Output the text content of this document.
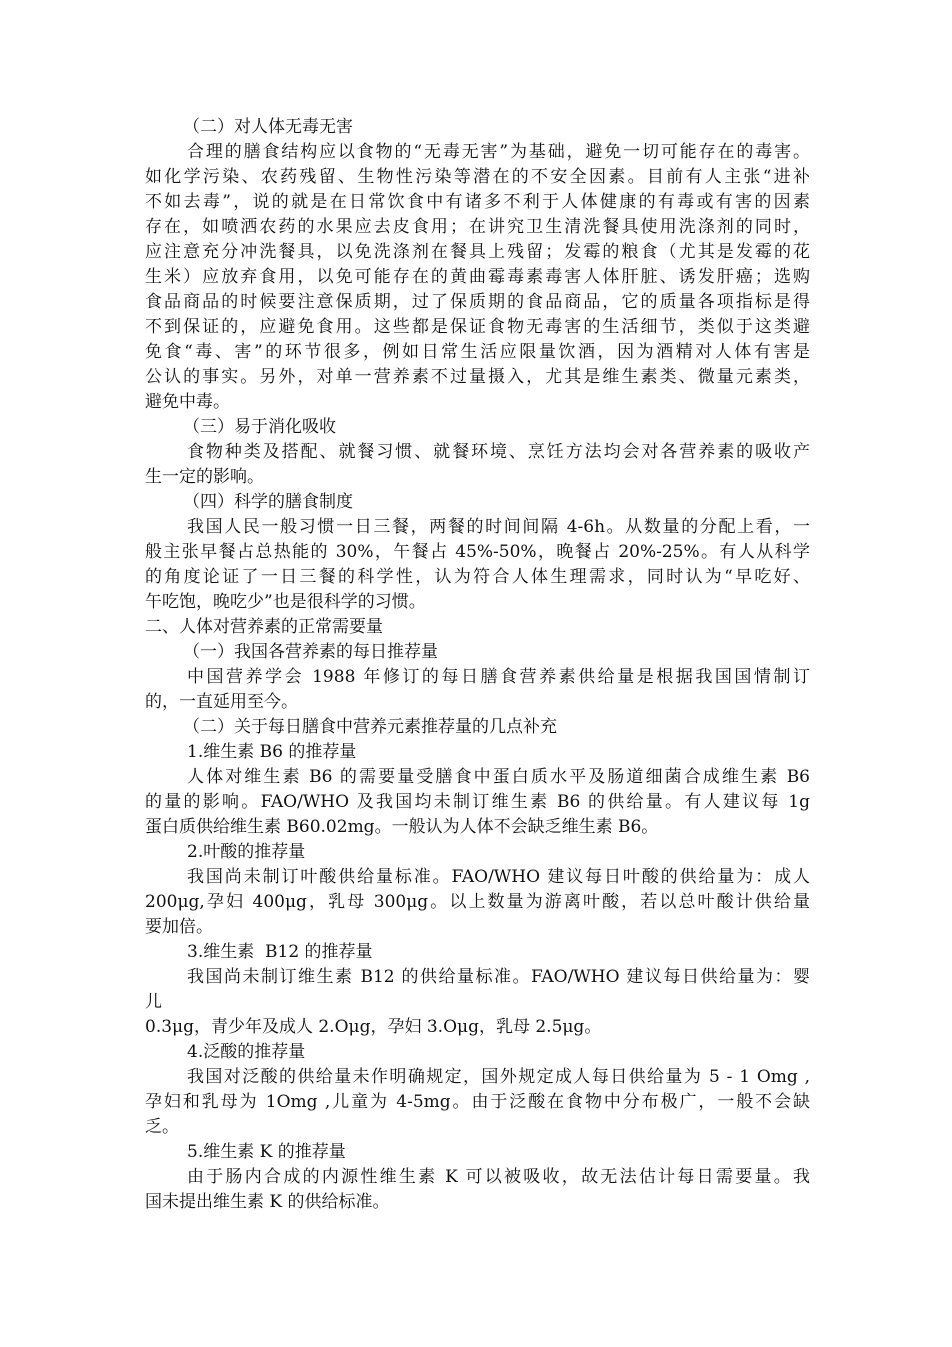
（二）对人体无毒无害
合理的膳食结构应以食物的“无毒无害”为基础，避免一切可能存在的毒害。
如化学污染、农药残留、生物性污染等潜在的不安全因素。目前有人主张“进补
不如去毒”，说的就是在日常饮食中有诸多不利于人体健康的有毒或有害的因素
存在，如喷洒农药的水果应去皮食用；在讲究卫生清洗餐具使用洗涤剂的同时，
应注意充分冲洗餐具，以免洗涤剂在餐具上残留；发霉的粮食（尤其是发霉的花
生米）应放弃食用，以免可能存在的黄曲霉毒素毒害人体肝脏、诱发肝癌；选购
食品商品的时候要注意保质期，过了保质期的食品商品，它的质量各项指标是得
不到保证的，应避免食用。这些都是保证食物无毒害的生活细节，类似于这类避
免食“毒、害”的环节很多，例如日常生活应限量饮酒，因为酒精对人体有害是
公认的事实。另外，对单一营养素不过量摄入，尤其是维生素类、微量元素类，
避免中毒。
（三）易于消化吸收
食物种类及搭配、就餐习惯、就餐环境、烹饪方法均会对各营养素的吸收产
生一定的影响。
（四）科学的膳食制度
我国人民一般习惯一日三餐，两餐的时间间隔 4-6h。从数量的分配上看，一
般主张早餐占总热能的 30%，午餐占 45%-50%，晚餐占 20%-25%。有人从科学
的角度论证了一日三餐的科学性，认为符合人体生理需求，同时认为“早吃好、
午吃饱，晚吃少”也是很科学的习惯。
二、人体对营养素的正常需要量
（一）我国各营养素的每日推荐量
中国营养学会 1988 年修订的每日膳食营养素供给量是根据我国国情制订
的，一直延用至今。
（二）关于每日膳食中营养元素推荐量的几点补充
1.维生素 B6 的推荐量
人体对维生素 B6 的需要量受膳食中蛋白质水平及肠道细菌合成维生素 B6
的量的影响。FAO/WHO 及我国均未制订维生素 B6 的供给量。有人建议每 1g
蛋白质供给维生素 B60.02mg。一般认为人体不会缺乏维生素 B6。
2.叶酸的推荐量
我国尚未制订叶酸供给量标准。FAO/WHO 建议每日叶酸的供给量为：成人
200μg,孕妇 400μg，乳母 300μg。以上数量为游离叶酸，若以总叶酸计供给量
要加倍。
3.维生素  B12 的推荐量
我国尚未制订维生素 B12 的供给量标准。FAO/WHO 建议每日供给量为：婴
儿
0.3μg，青少年及成人 2.Oμg，孕妇 3.Oμg，乳母 2.5μg。
4.泛酸的推荐量
我国对泛酸的供给量未作明确规定，国外规定成人每日供给量为 5 - 1 Omg ,
孕妇和乳母为 1Omg ,儿童为 4-5mg。由于泛酸在食物中分布极广，一般不会缺
乏。
5.维生素 K 的推荐量
由于肠内合成的内源性维生素 K 可以被吸收，故无法估计每日需要量。我
国未提出维生素 K 的供给标准。
